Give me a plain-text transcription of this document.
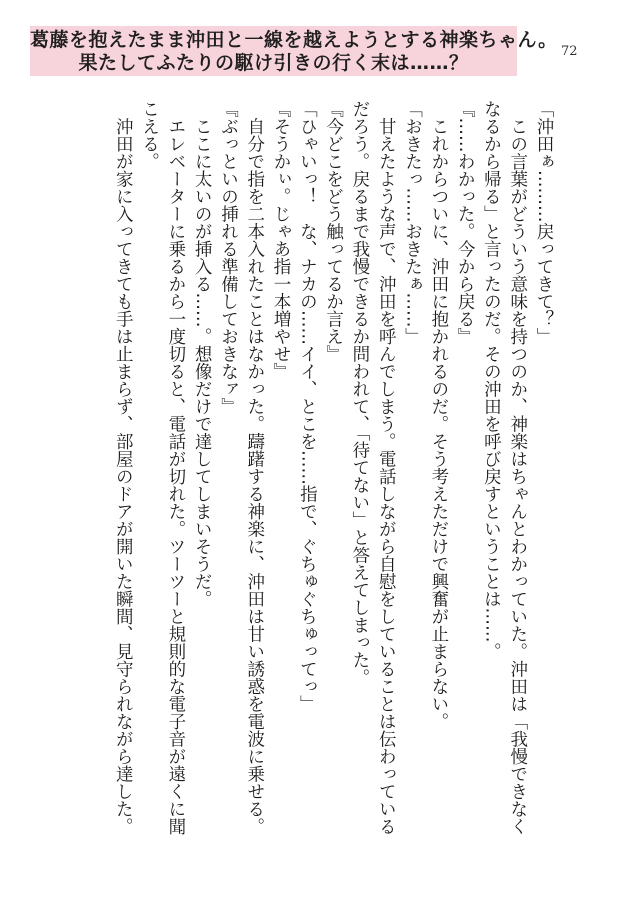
葛藤を抱えたまま沖田と一線を越えようとする神楽ちゃん。
果たしてふたりの駆け引きの行く末は……？
72
「沖田ぁ………戻ってきて？」
　この言葉がどういう意味を持つのか、神楽はちゃんとわかっていた。沖田は「我慢できなく
なるから帰る」と言ったのだ。その沖田を呼び戻すということは……。
『……わかった。今から戻る』
　これからついに、沖田に抱かれるのだ。そう考えただけで興奮が止まらない。
「おきたっ……おきたぁ……」
　甘えたような声で、沖田を呼んでしまう。電話しながら自慰をしていることは伝わっている
だろう。戻るまで我慢できるか問われて、「待てない」と答えてしまった。
『今どこをどう触ってるか言え』
「ひゃいっ！　な、ナカの……イイ、とこを……指で、ぐちゅぐちゅってっ」
『そうかぃ。じゃあ指一本増やせ』
　自分で指を二本入れたことはなかった。躊躇する神楽に、沖田は甘い誘惑を電波に乗せる。
『ぶっといの挿れる準備しておきなァ』
　ここに太いのが挿入る……。想像だけで達してしまいそうだ。
　エレベーターに乗るから一度切ると、電話が切れた。ツーツーと規則的な電子音が遠くに聞
こえる。
　沖田が家に入ってきても手は止まらず、部屋のドアが開いた瞬間、見守られながら達した。
